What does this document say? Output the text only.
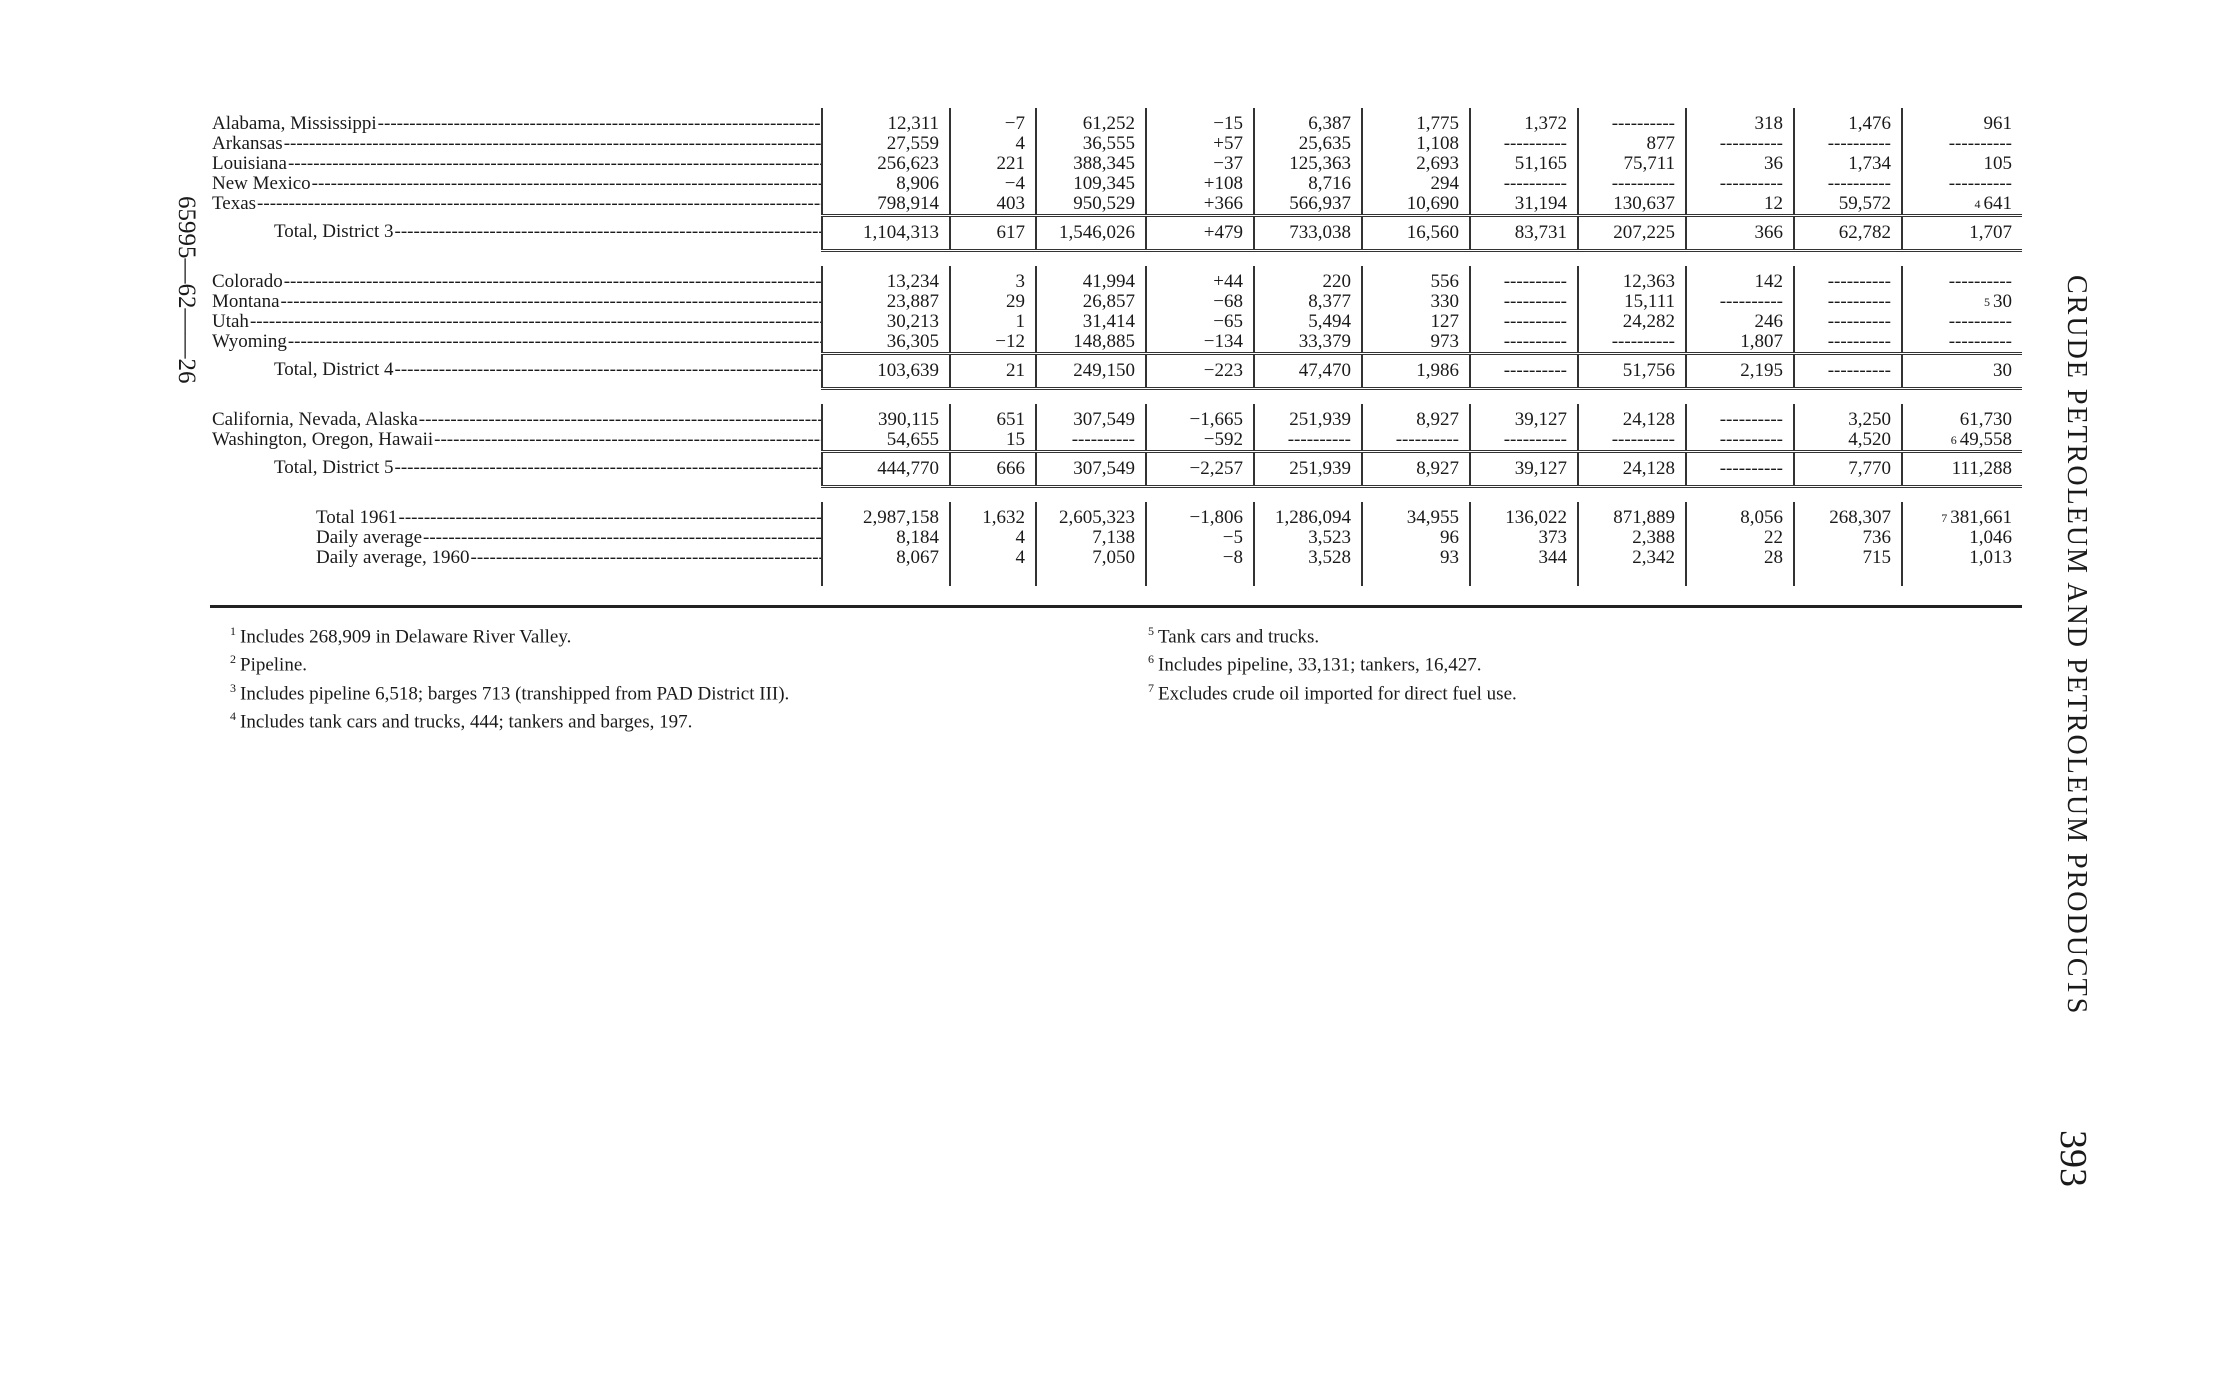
Alabama, Mississippi -----	12,311	−7	61,252	−15	6,387	1,775	1,372	-----	318	1,476	961
Arkansas -----	27,559	4	36,555	+57	25,635	1,108	-----	877	-----	-----	-----
Louisiana -----	256,623	221	388,345	−37	125,363	2,693	51,165	75,711	36	1,734	105
New Mexico -----	8,906	−4	109,345	+108	8,716	294	-----	-----	-----	-----	-----
Texas -----	798,914	403	950,529	+366	566,937	10,690	31,194	130,637	12	59,572	$^4$ 641
Total, District 3 -----	1,104,313	617	1,546,026	+479	733,038	16,560	83,731	207,225	366	62,782	1,707

Colorado -----	13,234	3	41,994	+44	220	556	-----	12,363	142	-----	-----
Montana -----	23,887	29	26,857	−68	8,377	330	-----	15,111	-----	-----	$^5$ 30
Utah -----	30,213	1	31,414	−65	5,494	127	-----	24,282	246	-----	-----
Wyoming -----	36,305	−12	148,885	−134	33,379	973	-----	-----	1,807	-----	-----
Total, District 4 -----	103,639	21	249,150	−223	47,470	1,986	-----	51,756	2,195	-----	30

California, Nevada, Alaska -----	390,115	651	307,549	−1,665	251,939	8,927	39,127	24,128	-----	3,250	61,730
Washington, Oregon, Hawaii -----	54,655	15	-----	−592	-----	-----	-----	-----	-----	4,520	$^6$ 49,558
Total, District 5 -----	444,770	666	307,549	−2,257	251,939	8,927	39,127	24,128	-----	7,770	111,288

Total 1961 -----	2,987,158	1,632	2,605,323	−1,806	1,286,094	34,955	136,022	871,889	8,056	268,307	$^7$ 381,661
Daily average -----	8,184	4	7,138	−5	3,523	96	373	2,388	22	736	1,046
Daily average, 1960 -----	8,067	4	7,050	−8	3,528	93	344	2,342	28	715	1,013
$^1$ Includes 268,909 in Delaware River Valley.
$^2$ Pipeline.
$^3$ Includes pipeline 6,518; barges 713 (transhipped from PAD District III).
$^4$ Includes tank cars and trucks, 444; tankers and barges, 197.
$^5$ Tank cars and trucks.
$^6$ Includes pipeline, 33,131; tankers, 16,427.
$^7$ Excludes crude oil imported for direct fuel use.	CRUDE PETROLEUM AND PETROLEUM PRODUCTS
393
65995—62——26
